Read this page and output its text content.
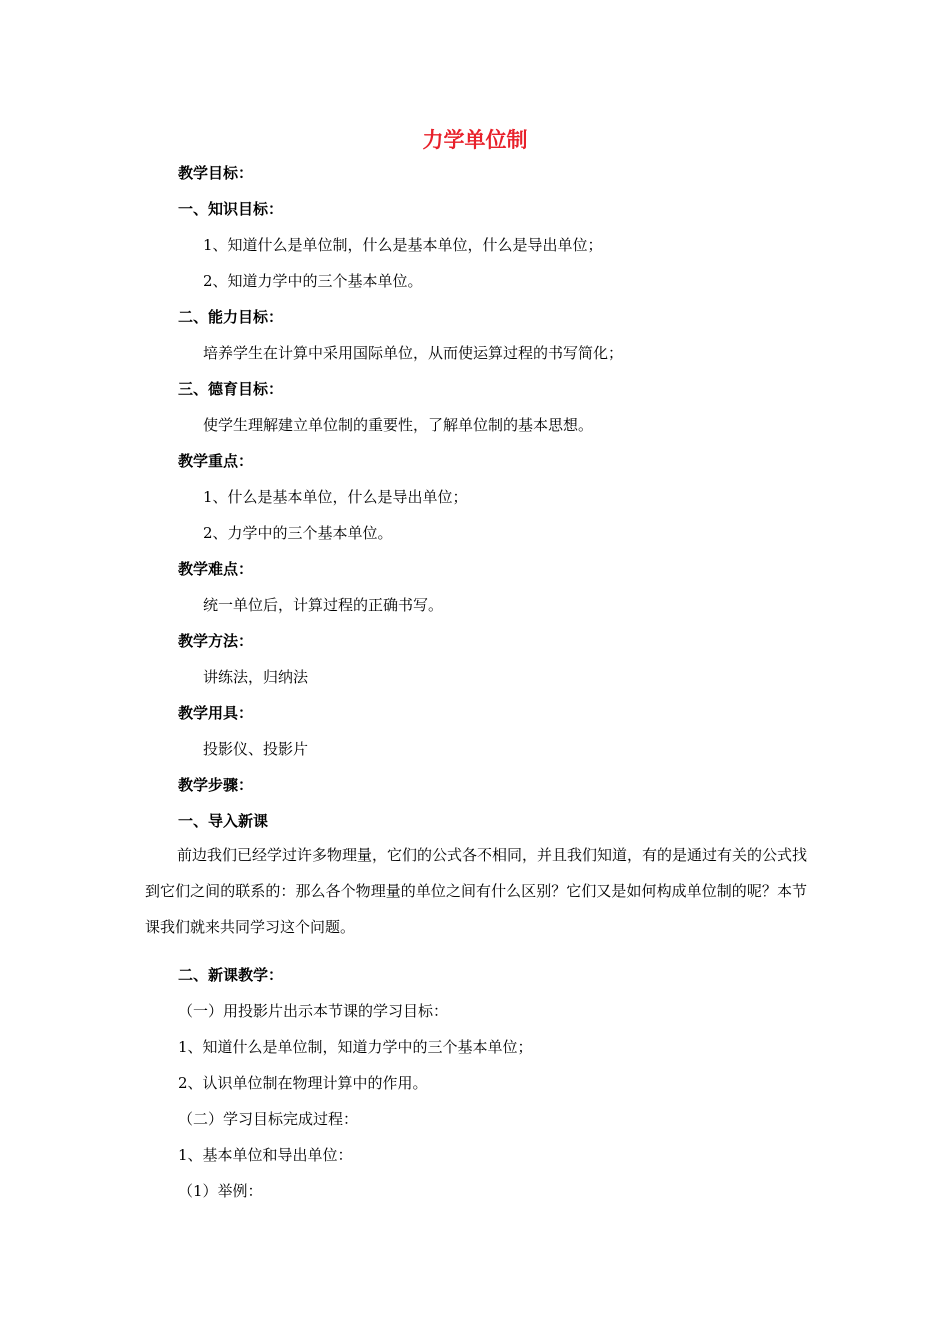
力学单位制
教学目标：
一、知识目标：
1、知道什么是单位制，什么是基本单位，什么是导出单位；
2、知道力学中的三个基本单位。
二、能力目标：
培养学生在计算中采用国际单位，从而使运算过程的书写简化；
三、德育目标：
使学生理解建立单位制的重要性，了解单位制的基本思想。
教学重点：
1、什么是基本单位，什么是导出单位；
2、力学中的三个基本单位。
教学难点：
统一单位后，计算过程的正确书写。
教学方法：
讲练法，归纳法
教学用具：
投影仪、投影片
教学步骤：
一、导入新课
前边我们已经学过许多物理量，它们的公式各不相同，并且我们知道，有的是通过有关的公式找到它们之间的联系的：那么各个物理量的单位之间有什么区别？它们又是如何构成单位制的呢？本节课我们就来共同学习这个问题。
二、新课教学：
（一）用投影片出示本节课的学习目标：
1、知道什么是单位制，知道力学中的三个基本单位；
2、认识单位制在物理计算中的作用。
（二）学习目标完成过程：
1、基本单位和导出单位：
（1）举例：
